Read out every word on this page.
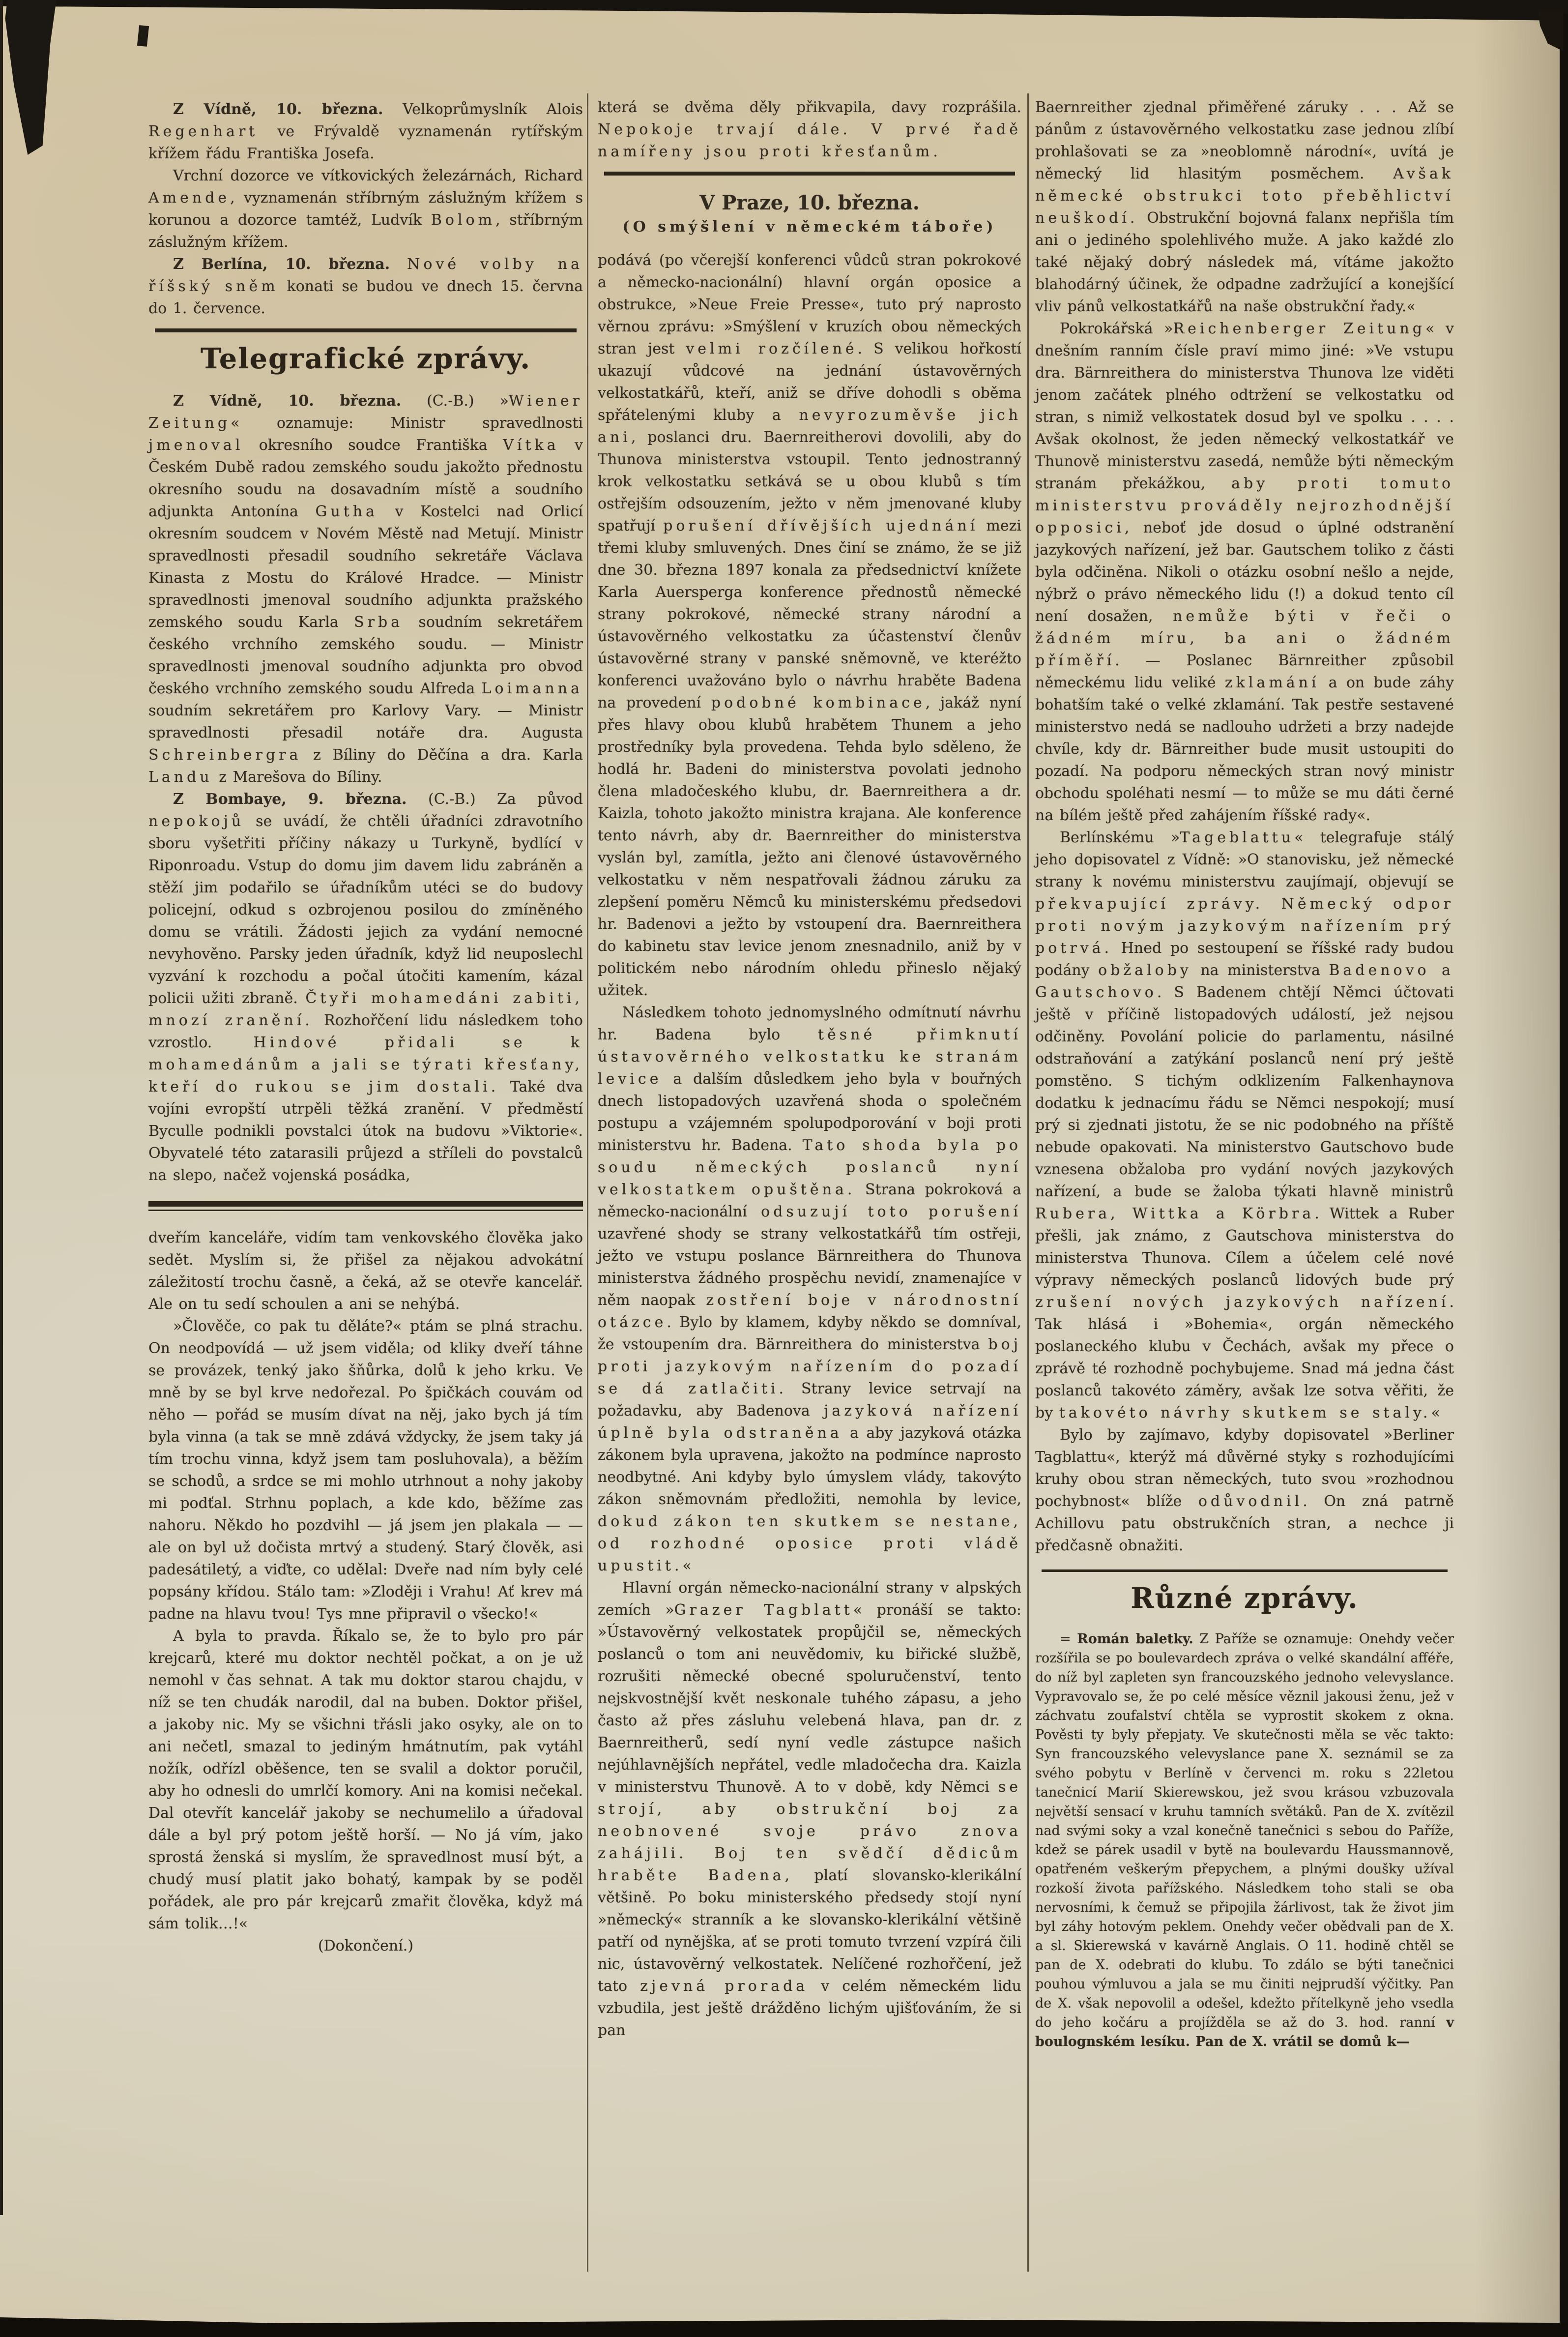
Z Vídně, 10. března. Velkoprůmyslník Alois Regenhart ve Frývaldě vyznamenán rytířským křížem řádu Františka Josefa.

Vrchní dozorce ve vítkovických železárnách, Richard Amende, vyznamenán stříbrným záslužným křížem s korunou a dozorce tamtéž, Ludvík Bolom, stříbrným záslužným křížem.

Z Berlína, 10. března. Nové volby na říšský sněm konati se budou ve dnech 15. června do 1. července.

Telegrafické zprávy.

Z Vídně, 10. března. (C.-B.) »Wiener Zeitung« oznamuje: Ministr spravedlnosti jmenoval okresního soudce Františka Vítka v Českém Dubě radou zemského soudu jakožto přednostu okresního soudu na dosavadním místě a soudního adjunkta Antonína Gutha v Kostelci nad Orlicí okresním soudcem v Novém Městě nad Metují. Ministr spravedlnosti přesadil soudního sekretáře Václava Kinasta z Mostu do Králové Hradce. — Ministr spravedlnosti jmenoval soudního adjunkta pražského zemského soudu Karla Srba soudním sekretářem českého vrchního zemského soudu. — Ministr spravedlnosti jmenoval soudního adjunkta pro obvod českého vrchního zemského soudu Alfreda Loimanna soudním sekretářem pro Karlovy Vary. — Ministr spravedlnosti přesadil notáře dra. Augusta Schreinbergra z Bíliny do Děčína a dra. Karla Landu z Marešova do Bíliny.

Z Bombaye, 9. března. (C.-B.) Za původ nepokojů se uvádí, že chtěli úřadníci zdravotního sboru vyšetřiti příčiny nákazy u Turkyně, bydlící v Riponroadu. Vstup do domu jim davem lidu zabráněn a stěží jim podařilo se úřadníkům utéci se do budovy policejní, odkud s ozbrojenou posilou do zmíněného domu se vrátili. Žádosti jejich za vydání nemocné nevyhověno. Parsky jeden úřadník, když lid neuposlechl vyzvání k rozchodu a počal útočiti kamením, kázal policii užiti zbraně. Čtyři mohamedáni zabiti, mnozí zranění. Rozhořčení lidu následkem toho vzrostlo. Hindové přidali se k mohamedánům a jali se týrati křesťany, kteří do rukou se jim dostali. Také dva vojíni evropští utrpěli těžká zranění. V předměstí Byculle podnikli povstalci útok na budovu »Viktorie«. Obyvatelé této zatarasili průjezd a stříleli do povstalců na slepo, načež vojenská posádka,

dveřím kanceláře, vidím tam venkovského člověka jako sedět. Myslím si, že přišel za nějakou advokátní záležitostí trochu časně, a čeká, až se otevře kancelář. Ale on tu sedí schoulen a ani se nehýbá.

»Člověče, co pak tu děláte?« ptám se plná strachu. On neodpovídá — už jsem viděla; od kliky dveří táhne se provázek, tenký jako šňůrka, dolů k jeho krku. Ve mně by se byl krve nedořezal. Po špičkách couvám od něho — pořád se musím dívat na něj, jako bych já tím byla vinna (a tak se mně zdává vždycky, že jsem taky já tím trochu vinna, když jsem tam posluhovala), a běžím se schodů, a srdce se mi mohlo utrhnout a nohy jakoby mi podťal. Strhnu poplach, a kde kdo, běžíme zas nahoru. Někdo ho pozdvihl — já jsem jen plakala — — ale on byl už dočista mrtvý a studený. Starý člověk, asi padesátiletý, a viďte, co udělal: Dveře nad ním byly celé popsány křídou. Stálo tam: »Zloději i Vrahu! Ať krev má padne na hlavu tvou! Tys mne připravil o všecko!«

A byla to pravda. Říkalo se, že to bylo pro pár krejcarů, které mu doktor nechtěl počkat, a on je už nemohl v čas sehnat. A tak mu doktor starou chajdu, v níž se ten chudák narodil, dal na buben. Doktor přišel, a jakoby nic. My se všichni třásli jako osyky, ale on to ani nečetl, smazal to jediným hmátnutím, pak vytáhl nožík, odřízl oběšence, ten se svalil a doktor poručil, aby ho odnesli do umrlčí komory. Ani na komisi nečekal. Dal otevřít kancelář jakoby se nechumelilo a úřadoval dále a byl prý potom ještě horší. — No já vím, jako sprostá ženská si myslím, že spravedlnost musí být, a chudý musí platit jako bohatý, kampak by se poděl pořádek, ale pro pár krejcarů zmařit člověka, když má sám tolik…!«

(Dokončení.)

která se dvěma děly přikvapila, davy rozprášila. Nepokoje trvají dále. V prvé řadě namířeny jsou proti křesťanům.

V Praze, 10. března.
(O smýšlení v německém táboře)

podává (po včerejší konferenci vůdců stran pokrokové a německo-nacionální) hlavní orgán oposice a obstrukce, »Neue Freie Presse«, tuto prý naprosto věrnou zprávu: »Smýšlení v kruzích obou německých stran jest velmi rozčílené. S velikou hořkostí ukazují vůdcové na jednání ústavověrných velkostatkářů, kteří, aniž se dříve dohodli s oběma spřátelenými kluby a nevyrozuměvše jich ani, poslanci dru. Baernreitherovi dovolili, aby do Thunova ministerstva vstoupil. Tento jednostranný krok velkostatku setkává se u obou klubů s tím ostřejším odsouzením, ježto v něm jmenované kluby spatřují porušení dřívějších ujednání mezi třemi kluby smluvených. Dnes činí se známo, že se již dne 30. března 1897 konala za předsednictví knížete Karla Auersperga konference přednostů německé strany pokrokové, německé strany národní a ústavověrného velkostatku za účastenství členův ústavověrné strany v panské sněmovně, ve kteréžto konferenci uvažováno bylo o návrhu hraběte Badena na provedení podobné kombinace, jakáž nyní přes hlavy obou klubů hrabětem Thunem a jeho prostředníky byla provedena. Tehda bylo sděleno, že hodlá hr. Badeni do ministerstva povolati jednoho člena mladočeského klubu, dr. Baernreithera a dr. Kaizla, tohoto jakožto ministra krajana. Ale konference tento návrh, aby dr. Baernreither do ministerstva vyslán byl, zamítla, ježto ani členové ústavověrného velkostatku v něm nespatřovali žádnou záruku za zlepšení poměru Němců ku ministerskému předsedovi hr. Badenovi a ježto by vstoupení dra. Baernreithera do kabinetu stav levice jenom znesnadnilo, aniž by v politickém nebo národním ohledu přineslo nějaký užitek.

Následkem tohoto jednomyslného odmítnutí návrhu hr. Badena bylo těsné přimknutí ústavověrného velkostatku ke stranám levice a dalším důsledkem jeho byla v bouřných dnech listopadových uzavřená shoda o společném postupu a vzájemném spolupodporování v boji proti ministerstvu hr. Badena. Tato shoda byla po soudu německých poslanců nyní velkostatkem opuštěna. Strana pokroková a německo-nacionální odsuzují toto porušení uzavřené shody se strany velkostatkářů tím ostřeji, ježto ve vstupu poslance Bärnreithera do Thunova ministerstva žádného prospěchu nevidí, znamenajíce v něm naopak zostření boje v národnostní otázce. Bylo by klamem, kdyby někdo se domníval, že vstoupením dra. Bärnreithera do ministerstva boj proti jazykovým nařízením do pozadí se dá zatlačiti. Strany levice setrvají na požadavku, aby Badenova jazyková nařízení úplně byla odstraněna a aby jazyková otázka zákonem byla upravena, jakožto na podmínce naprosto neodbytné. Ani kdyby bylo úmyslem vlády, takovýto zákon sněmovnám předložiti, nemohla by levice, dokud zákon ten skutkem se nestane, od rozhodné oposice proti vládě upustit.«

Hlavní orgán německo-nacionální strany v alpských zemích »Grazer Tagblatt« pronáší se takto: »Ústavověrný velkostatek propůjčil se, německých poslanců o tom ani neuvědomiv, ku biřické službě, rozrušiti německé obecné spoluručenství, tento nejskvostnější květ neskonale tuhého zápasu, a jeho často až přes zásluhu velebená hlava, pan dr. z Baernreitherů, sedí nyní vedle zástupce našich nejúhlavnějších nepřátel, vedle mladočecha dra. Kaizla v ministerstvu Thunově. A to v době, kdy Němci se strojí, aby obstrukční boj za neobnovené svoje právo znova zahájili. Boj ten svědčí dědicům hraběte Badena, platí slovansko-klerikální většině. Po boku ministerského předsedy stojí nyní »německý« stranník a ke slovansko-klerikální většině patří od nynějška, ať se proti tomuto tvrzení vzpírá čili nic, ústavověrný velkostatek. Nelíčené rozhořčení, jež tato zjevná prorada v celém německém lidu vzbudila, jest ještě drážděno lichým ujišťováním, že si pan

Baernreither zjednal přiměřené záruky . . . Až se pánům z ústavověrného velkostatku zase jednou zlíbí prohlašovati se za »neoblomně národní«, uvítá je německý lid hlasitým posměchem. Avšak německé obstrukci toto přeběhlictví neuškodí. Obstrukční bojovná falanx nepřišla tím ani o jediného spolehlivého muže. A jako každé zlo také nějaký dobrý následek má, vítáme jakožto blahodárný účinek, že odpadne zadržující a konejšící vliv pánů velkostatkářů na naše obstrukční řady.«

Pokrokářská »Reichenberger Zeitung« v dnešním ranním čísle praví mimo jiné: »Ve vstupu dra. Bärnreithera do ministerstva Thunova lze viděti jenom začátek plného odtržení se velkostatku od stran, s nimiž velkostatek dosud byl ve spolku . . . . Avšak okolnost, že jeden německý velkostatkář ve Thunově ministerstvu zasedá, nemůže býti německým stranám překážkou, aby proti tomuto ministerstvu prováděly nejrozhodnější opposici, neboť jde dosud o úplné odstranění jazykových nařízení, jež bar. Gautschem toliko z části byla odčiněna. Nikoli o otázku osobní nešlo a nejde, nýbrž o právo německého lidu (!) a dokud tento cíl není dosažen, nemůže býti v řeči o žádném míru, ba ani o žádném příměří. — Poslanec Bärnreither způsobil německému lidu veliké zklamání a on bude záhy bohatším také o velké zklamání. Tak pestře sestavené ministerstvo nedá se nadlouho udržeti a brzy nadejde chvíle, kdy dr. Bärnreither bude musit ustoupiti do pozadí. Na podporu německých stran nový ministr obchodu spoléhati nesmí — to může se mu dáti černé na bílém ještě před zahájením říšské rady«.

Berlínskému »Tageblattu« telegrafuje stálý jeho dopisovatel z Vídně: »O stanovisku, jež německé strany k novému ministerstvu zaujímají, objevují se překvapující zprávy. Německý odpor proti novým jazykovým nařízením prý potrvá. Hned po sestoupení se říšské rady budou podány obžaloby na ministerstva Badenovo a Gautschovo. S Badenem chtějí Němci účtovati ještě v příčině listopadových událostí, jež nejsou odčiněny. Povolání policie do parlamentu, násilné odstraňování a zatýkání poslanců není prý ještě pomstěno. S tichým odklizením Falkenhaynova dodatku k jednacímu řádu se Němci nespokojí; musí prý si zjednati jistotu, že se nic podobného na příště nebude opakovati. Na ministerstvo Gautschovo bude vznesena obžaloba pro vydání nových jazykových nařízení, a bude se žaloba týkati hlavně ministrů Rubera, Wittka a Körbra. Wittek a Ruber přešli, jak známo, z Gautschova ministerstva do ministerstva Thunova. Cílem a účelem celé nové výpravy německých poslanců lidových bude prý zrušení nových jazykových nařízení. Tak hlásá i »Bohemia«, orgán německého poslaneckého klubu v Čechách, avšak my přece o zprávě té rozhodně pochybujeme. Snad má jedna část poslanců takovéto záměry, avšak lze sotva věřiti, že by takovéto návrhy skutkem se staly.«

Bylo by zajímavo, kdyby dopisovatel »Berliner Tagblattu«, kterýž má důvěrné styky s rozhodujícími kruhy obou stran německých, tuto svou »rozhodnou pochybnost« blíže odůvodnil. On zná patrně Achillovu patu obstrukčních stran, a nechce ji předčasně obnažiti.

Různé zprávy.

= Román baletky. Z Paříže se oznamuje: Onehdy večer rozšířila se po boulevardech zpráva o velké skandální afféře, do níž byl zapleten syn francouzského jednoho velevyslance. Vypravovalo se, že po celé měsíce věznil jakousi ženu, jež v záchvatu zoufalství chtěla se vyprostit skokem z okna. Pověsti ty byly přepjaty. Ve skutečnosti měla se věc takto: Syn francouzského velevyslance pane X. seznámil se za svého pobytu v Berlíně v červenci m. roku s 22letou tanečnicí Marií Skierewskou, jež svou krásou vzbuzovala největší sensací v kruhu tamních světáků. Pan de X. zvítězil nad svými soky a vzal konečně tanečnici s sebou do Paříže, kdež se párek usadil v bytě na boulevardu Haussmannově, opatřeném veškerým přepychem, a plnými doušky užíval rozkoší života pařížského. Následkem toho stali se oba nervosními, k čemuž se připojila žárlivost, tak že život jim byl záhy hotovým peklem. Onehdy večer obědvali pan de X. a sl. Skierewská v kavárně Anglais. O 11. hodině chtěl se pan de X. odebrati do klubu. To zdálo se býti tanečnici pouhou výmluvou a jala se mu činiti nejprudší výčitky. Pan de X. však nepovolil a odešel, kdežto přítelkyně jeho vsedla do jeho kočáru a projížděla se až do 3. hod. ranní v boulognském lesíku. Pan de X. vrátil se domů k—
